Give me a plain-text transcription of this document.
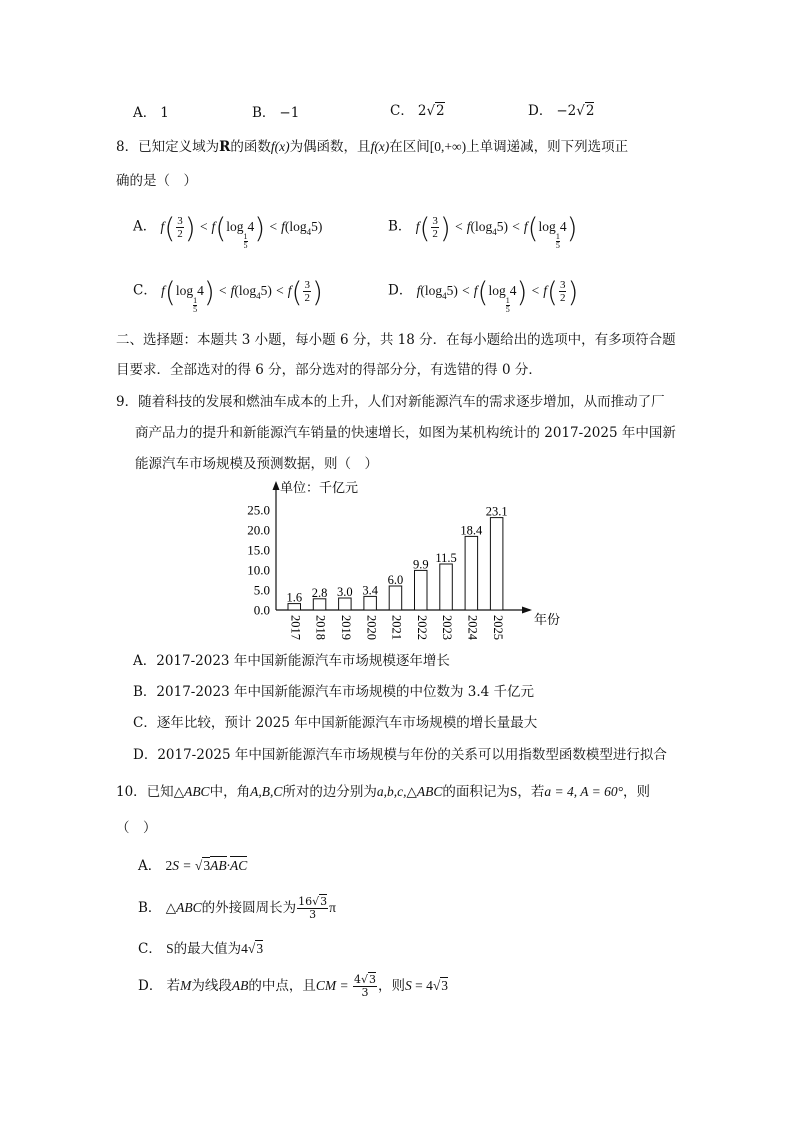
A． 1	B． −1	C． 2√2	D． −2√2
8．已知定义域为R的函数f(x)为偶函数，且f(x)在区间[0,+∞)上单调递减，则下列选项正
确的是（　）
A． $f( \frac{3}{2}$ ) < f(log
$\frac{1}{5}$
$4) < f(\log_45)$	B． $f( \frac{3}{2}$ ) < $f(\log_45) < f(\log$
$\frac{1}{5}$
4)
C． f(log
$\frac{1}{5}$
$4) < f(\log_45) < f( \frac{3}{2}$ )	D． $f(\log_45) < f(\log$
$\frac{1}{5}$
$4) < f( \frac{3}{2}$ )
二、选择题：本题共 3 小题，每小题 6 分，共 18 分．在每小题给出的选项中，有多项符合题
目要求．全部选对的得 6 分，部分选对的得部分分，有选错的得 0 分．
9．随着科技的发展和燃油车成本的上升，人们对新能源汽车的需求逐步增加，从而推动了厂
商产品力的提升和新能源汽车销量的快速增长，如图为某机构统计的 2017-2025 年中国新
能源汽车市场规模及预测数据，则（　）
单位：千亿元
年份
0.0
5.0
10.0
15.0
20.0
25.0
1.6
2017
2.8
2018
3.0
2019
3.4
2020
6.0
2021
9.9
2022
11.5
2023
18.4
2024
23.1
2025
A．2017-2023 年中国新能源汽车市场规模逐年增长
B．2017-2023 年中国新能源汽车市场规模的中位数为 3.4 千亿元
C．逐年比较，预计 2025 年中国新能源汽车市场规模的增长量最大
D．2017-2025 年中国新能源汽车市场规模与年份的关系可以用指数型函数模型进行拟合
10．已知△ABC中，角A,B,C所对的边分别为a,b,c,△ABC的面积记为S，若a = 4, A = 60°，则
（　）
A． 2S = √3AB·AC
B． △ABC的外接圆周长为 $\frac{16√3}{3}$ π
C． S的最大值为4√3
D． 若M为线段AB的中点，且CM = $\frac{4√3}{3}$ ，则S = 4√3
